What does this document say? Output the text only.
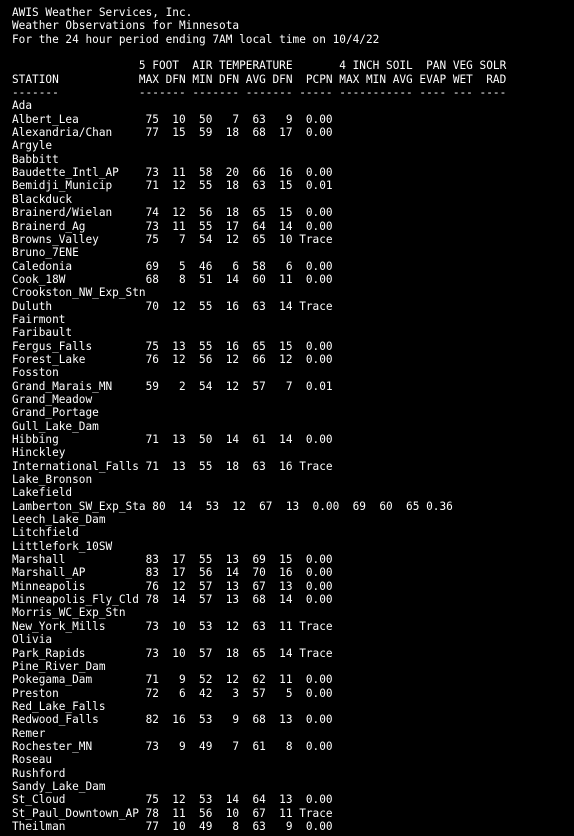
AWIS Weather Services, Inc.
Weather Observations for Minnesota
For the 24 hour period ending 7AM local time on 10/4/22

5 FOOT  AIR TEMPERATURE       4 INCH SOIL  PAN VEG SOLR
STATION            MAX DFN MIN DFN AVG DFN  PCPN MAX MIN AVG EVAP WET  RAD
-------            ------- ------- ------- ----- ----------- ---- --- ----
Ada
Albert_Lea          75  10  50   7  63   9  0.00
Alexandria/Chan     77  15  59  18  68  17  0.00
Argyle
Babbitt
Baudette_Intl_AP    73  11  58  20  66  16  0.00
Bemidji_Municip     71  12  55  18  63  15  0.01
Blackduck
Brainerd/Wielan     74  12  56  18  65  15  0.00
Brainerd_Ag         73  11  55  17  64  14  0.00
Browns_Valley       75   7  54  12  65  10 Trace
Bruno_7ENE
Caledonia           69   5  46   6  58   6  0.00
Cook_18W            68   8  51  14  60  11  0.00
Crookston_NW_Exp_Stn
Duluth              70  12  55  16  63  14 Trace
Fairmont
Faribault
Fergus_Falls        75  13  55  16  65  15  0.00
Forest_Lake         76  12  56  12  66  12  0.00
Fosston
Grand_Marais_MN     59   2  54  12  57   7  0.01
Grand_Meadow
Grand_Portage
Gull_Lake_Dam
Hibbing             71  13  50  14  61  14  0.00
Hinckley
International_Falls 71  13  55  18  63  16 Trace
Lake_Bronson
Lakefield
Lamberton_SW_Exp_Sta 80  14  53  12  67  13  0.00  69  60  65 0.36
Leech_Lake_Dam
Litchfield
Littlefork_10SW
Marshall            83  17  55  13  69  15  0.00
Marshall_AP         83  17  56  14  70  16  0.00
Minneapolis         76  12  57  13  67  13  0.00
Minneapolis_Fly_Cld 78  14  57  13  68  14  0.00
Morris_WC_Exp_Stn
New_York_Mills      73  10  53  12  63  11 Trace
Olivia
Park_Rapids         73  10  57  18  65  14 Trace
Pine_River_Dam
Pokegama_Dam        71   9  52  12  62  11  0.00
Preston             72   6  42   3  57   5  0.00
Red_Lake_Falls
Redwood_Falls       82  16  53   9  68  13  0.00
Remer
Rochester_MN        73   9  49   7  61   8  0.00
Roseau
Rushford
Sandy_Lake_Dam
St_Cloud            75  12  53  14  64  13  0.00
St_Paul_Downtown_AP 78  11  56  10  67  11 Trace
Theilman            77  10  49   8  63   9  0.00
